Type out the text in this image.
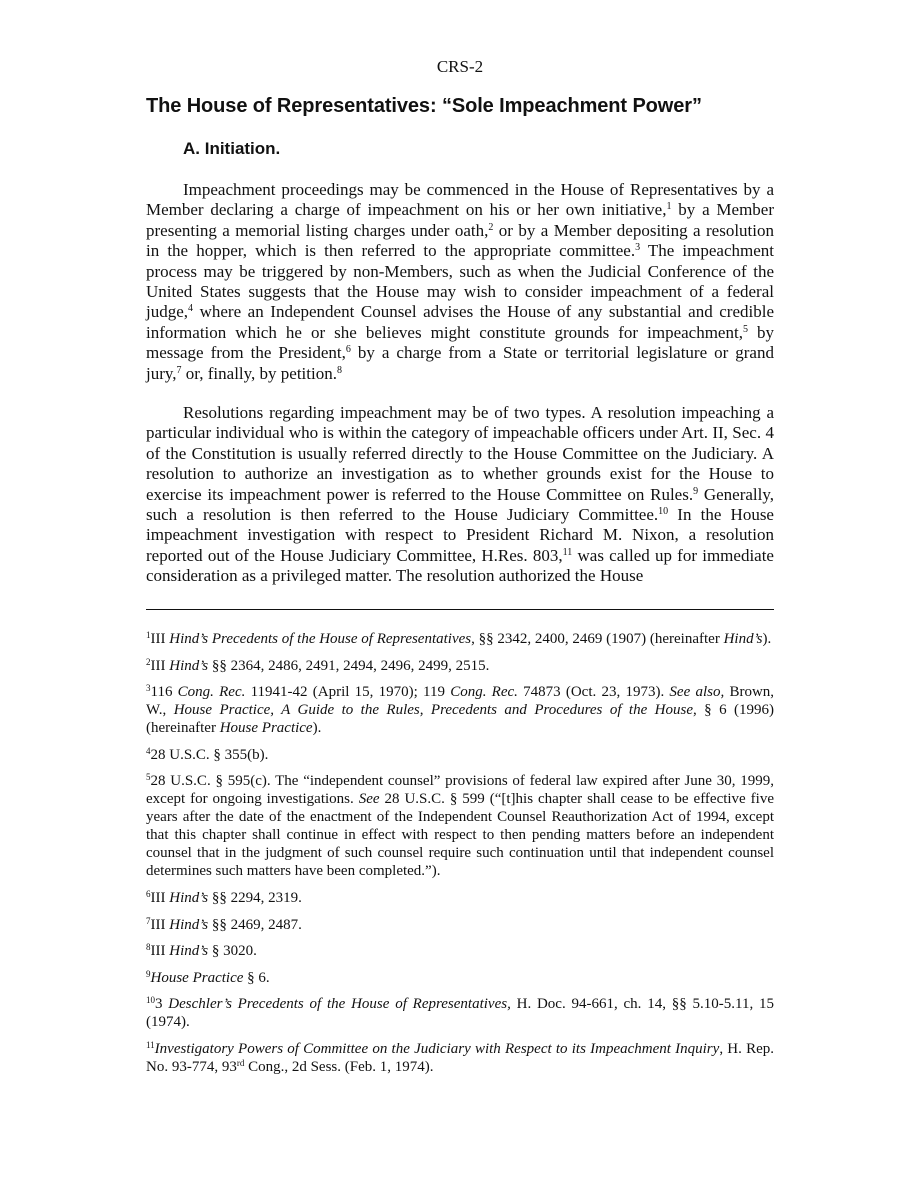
CRS-2
The House of Representatives: “Sole Impeachment Power”
A. Initiation.

Impeachment proceedings may be commenced in the House of Representatives by a Member declaring a charge of impeachment on his or her own initiative,$^1$ by a Member presenting a memorial listing charges under oath,$^2$ or by a Member depositing a resolution in the hopper, which is then referred to the appropriate committee.$^3$ The impeachment process may be triggered by non-Members, such as when the Judicial Conference of the United States suggests that the House may wish to consider impeachment of a federal judge,$^4$ where an Independent Counsel advises the House of any substantial and credible information which he or she believes might constitute grounds for impeachment,$^5$ by message from the President,$^6$ by a charge from a State or territorial legislature or grand jury,$^7$ or, finally, by petition.$^8$

Resolutions regarding impeachment may be of two types. A resolution impeaching a particular individual who is within the category of impeachable officers under Art. II, Sec. 4 of the Constitution is usually referred directly to the House Committee on the Judiciary. A resolution to authorize an investigation as to whether grounds exist for the House to exercise its impeachment power is referred to the House Committee on Rules.$^9$ Generally, such a resolution is then referred to the House Judiciary Committee.$^{10}$ In the House impeachment investigation with respect to President Richard M. Nixon, a resolution reported out of the House Judiciary Committee, H.Res. 803,11 was called up for immediate consideration as a privileged matter. The resolution authorized the House

$^1$III Hind’s Precedents of the House of Representatives, §§ 2342, 2400, 2469 (1907) (hereinafter Hind’s).

$^2$III Hind’s §§ 2364, 2486, 2491, 2494, 2496, 2499, 2515.

$^3$116 Cong. Rec. 11941-42 (April 15, 1970); 119 Cong. Rec. 74873 (Oct. 23, 1973). See also, Brown, W., House Practice, A Guide to the Rules, Precedents and Procedures of the House, § 6 (1996) (hereinafter House Practice).

$^4$28 U.S.C. § 355(b).

$^5$28 U.S.C. § 595(c). The “independent counsel” provisions of federal law expired after June 30, 1999, except for ongoing investigations. See 28 U.S.C. § 599 (“[t]his chapter shall cease to be effective five years after the date of the enactment of the Independent Counsel Reauthorization Act of 1994, except that this chapter shall continue in effect with respect to then pending matters before an independent counsel that in the judgment of such counsel require such continuation until that independent counsel determines such matters have been completed.”).

$^6$III Hind’s §§ 2294, 2319.

$^7$III Hind’s §§ 2469, 2487.

$^8$III Hind’s § 3020.

$^9$House Practice § 6.

$^{10}$3 Deschler’s Precedents of the House of Representatives, H. Doc. 94-661, ch. 14, §§ 5.10-5.11, 15 (1974).

$^{11}$Investigatory Powers of Committee on the Judiciary with Respect to its Impeachment Inquiry, H. Rep. No. 93-774, 93rd Cong., 2d Sess. (Feb. 1, 1974).
